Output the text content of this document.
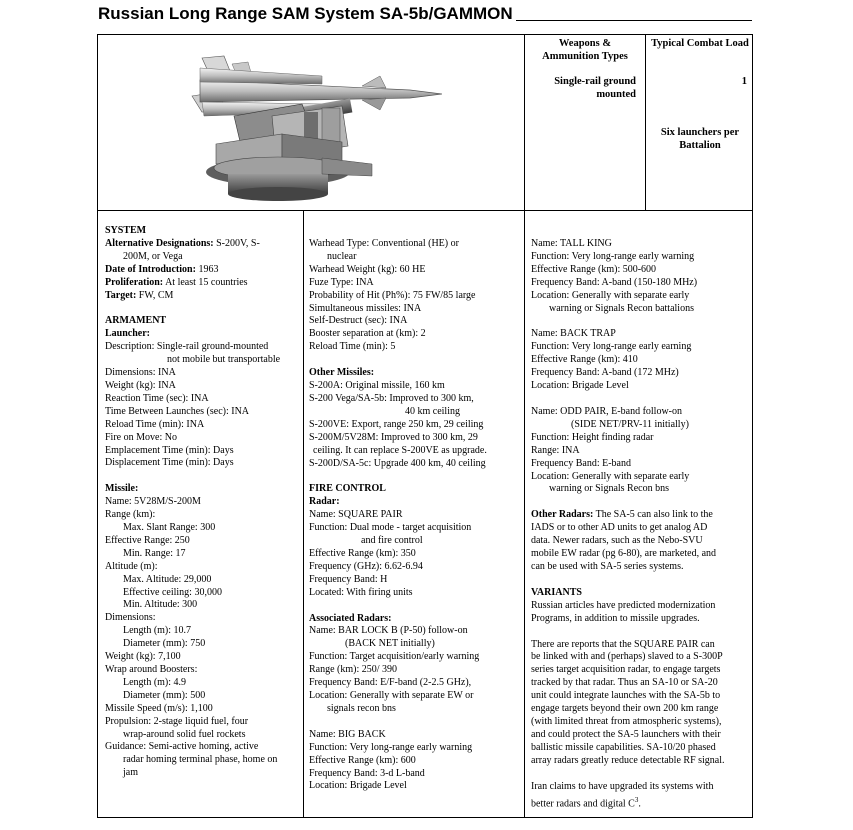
Russian Long Range SAM System SA-5b/GAMMON
Weapons & Ammunition Types
Typical Combat Load
Single-rail ground mounted
1
Six launchers per Battalion
SYSTEM
Alternative Designations: S-200V, S-
200M, or Vega
Date of Introduction: 1963
Proliferation: At least 15 countries
Target: FW, CM
ARMAMENT
Launcher:
Description: Single-rail ground-mounted
not mobile but transportable
Dimensions: INA
Weight (kg): INA
Reaction Time (sec): INA
Time Between Launches (sec): INA
Reload Time (min): INA
Fire on Move: No
Emplacement Time (min): Days
Displacement Time (min): Days
Missile:
Name: 5V28M/S-200M
Range (km):
Max. Slant Range: 300
Effective Range: 250
Min. Range: 17
Altitude (m):
Max. Altitude: 29,000
Effective ceiling: 30,000
Min. Altitude: 300
Dimensions:
Length (m): 10.7
Diameter (mm): 750
Weight (kg): 7,100
Wrap around Boosters:
Length (m): 4.9
Diameter (mm): 500
Missile Speed (m/s): 1,100
Propulsion: 2-stage liquid fuel, four
wrap-around solid fuel rockets
Guidance: Semi-active homing, active
radar homing terminal phase, home on
jam
Warhead Type: Conventional (HE) or
nuclear
Warhead Weight (kg): 60 HE
Fuze Type: INA
Probability of Hit (Ph%): 75 FW/85 large
Simultaneous missiles: INA
Self-Destruct (sec): INA
Booster separation at (km): 2
Reload Time (min): 5
Other Missiles:
S-200A: Original missile, 160 km
S-200 Vega/SA-5b: Improved to 300 km,
40 km ceiling
S-200VE: Export, range 250 km, 29 ceiling
S-200M/5V28M: Improved to 300 km, 29
ceiling. It can replace S-200VE as upgrade.
S-200D/SA-5c: Upgrade 400 km, 40 ceiling
FIRE CONTROL
Radar:
Name: SQUARE PAIR
Function: Dual mode - target acquisition
and fire control
Effective Range (km): 350
Frequency (GHz): 6.62-6.94
Frequency Band: H
Located: With firing units
Associated Radars:
Name: BAR LOCK B (P-50) follow-on
(BACK NET initially)
Function: Target acquisition/early warning
Range (km): 250/ 390
Frequency Band: E/F-band (2-2.5 GHz),
Location: Generally with separate EW or
signals recon bns
Name: BIG BACK
Function: Very long-range early warning
Effective Range (km): 600
Frequency Band: 3-d L-band
Location: Brigade Level
Name: TALL KING
Function: Very long-range early warning
Effective Range (km): 500-600
Frequency Band: A-band (150-180 MHz)
Location: Generally with separate early
warning or Signals Recon battalions
Name: BACK TRAP
Function: Very long-range early earning
Effective Range (km): 410
Frequency Band: A-band (172 MHz)
Location: Brigade Level
Name: ODD PAIR, E-band follow-on
(SIDE NET/PRV-11 initially)
Function: Height finding radar
Range: INA
Frequency Band: E-band
Location: Generally with separate early
warning or Signals Recon bns
Other Radars: The SA-5 can also link to the
IADS or to other AD units to get analog AD
data. Newer radars, such as the Nebo-SVU
mobile EW radar (pg 6-80), are marketed, and
can be used with SA-5 series systems.
VARIANTS
Russian articles have predicted modernization
Programs, in addition to missile upgrades.
There are reports that the SQUARE PAIR can
be linked with and (perhaps) slaved to a S-300P
series target acquisition radar, to engage targets
tracked by that radar. Thus an SA-10 or SA-20
unit could integrate launches with the SA-5b to
engage targets beyond their own 200 km range
(with limited threat from atmospheric systems),
and could protect the SA-5 launchers with their
ballistic missile capabilities. SA-10/20 phased
array radars greatly reduce detectable RF signal.
Iran claims to have upgraded its systems with
better radars and digital $C^3$.
